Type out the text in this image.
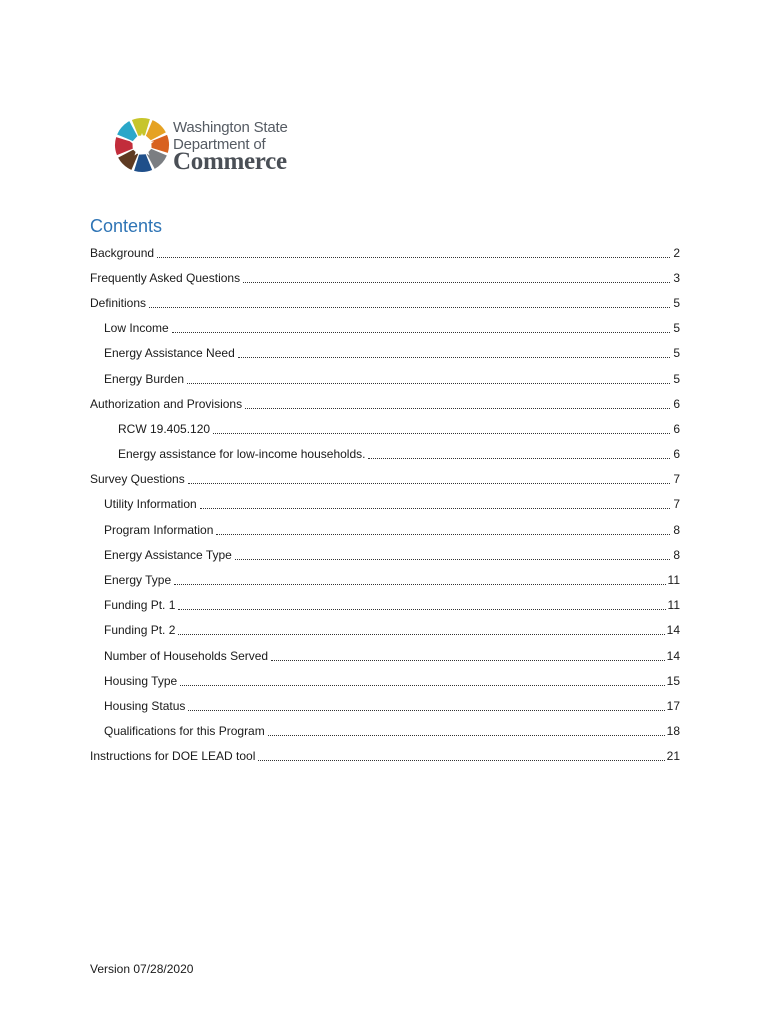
Washington State
Department of
Commerce
Contents
Background	2
Frequently Asked Questions	3
Definitions	5
Low Income	5
Energy Assistance Need	5
Energy Burden	5
Authorization and Provisions	6
RCW 19.405.120	6
Energy assistance for low-income households.	6
Survey Questions	7
Utility Information	7
Program Information	8
Energy Assistance Type	8
Energy Type	11
Funding Pt. 1	11
Funding Pt. 2	14
Number of Households Served	14
Housing Type	15
Housing Status	17
Qualifications for this Program	18
Instructions for DOE LEAD tool	21
Version 07/28/2020
